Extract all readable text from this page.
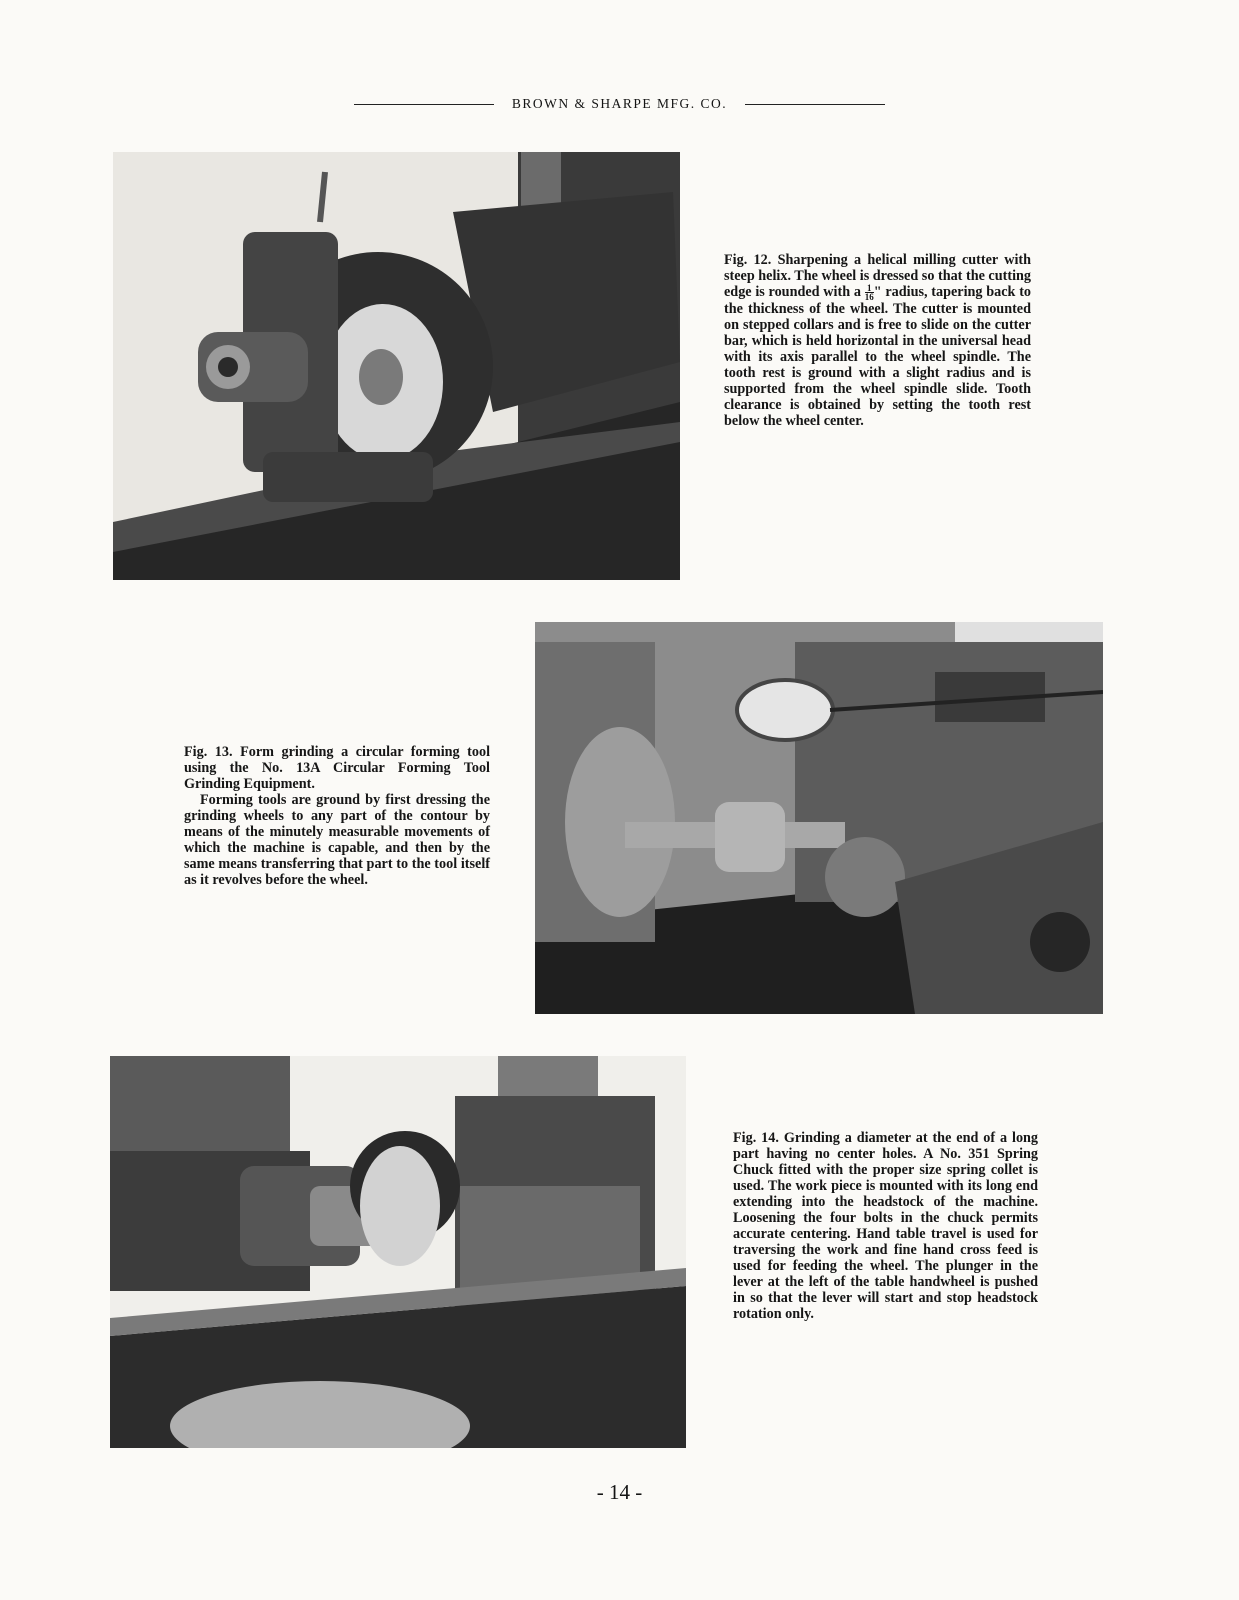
BROWN & SHARPE MFG. CO.

Fig. 12. Sharpening a helical milling cutter with steep helix. The wheel is dressed so that the cutting edge is rounded with a $\frac{1}{16}$ " radius, tapering back to the thickness of the wheel. The cutter is mounted on stepped collars and is free to slide on the cutter bar, which is held horizontal in the universal head with its axis parallel to the wheel spindle. The tooth rest is ground with a slight radius and is supported from the wheel spindle slide. Tooth clearance is obtained by setting the tooth rest below the wheel center.

Fig. 13. Form grinding a circular forming tool using the No. 13A Circular Forming Tool Grinding Equipment.

Forming tools are ground by first dressing the grinding wheels to any part of the contour by means of the minutely measurable movements of which the machine is capable, and then by the same means transferring that part to the tool itself as it revolves before the wheel.

Fig. 14. Grinding a diameter at the end of a long part having no center holes. A No. 351 Spring Chuck fitted with the proper size spring collet is used. The work piece is mounted with its long end extending into the headstock of the machine. Loosening the four bolts in the chuck permits accurate centering. Hand table travel is used for traversing the work and fine hand cross feed is used for feeding the wheel. The plunger in the lever at the left of the table handwheel is pushed in so that the lever will start and stop headstock rotation only.

- 14 -
